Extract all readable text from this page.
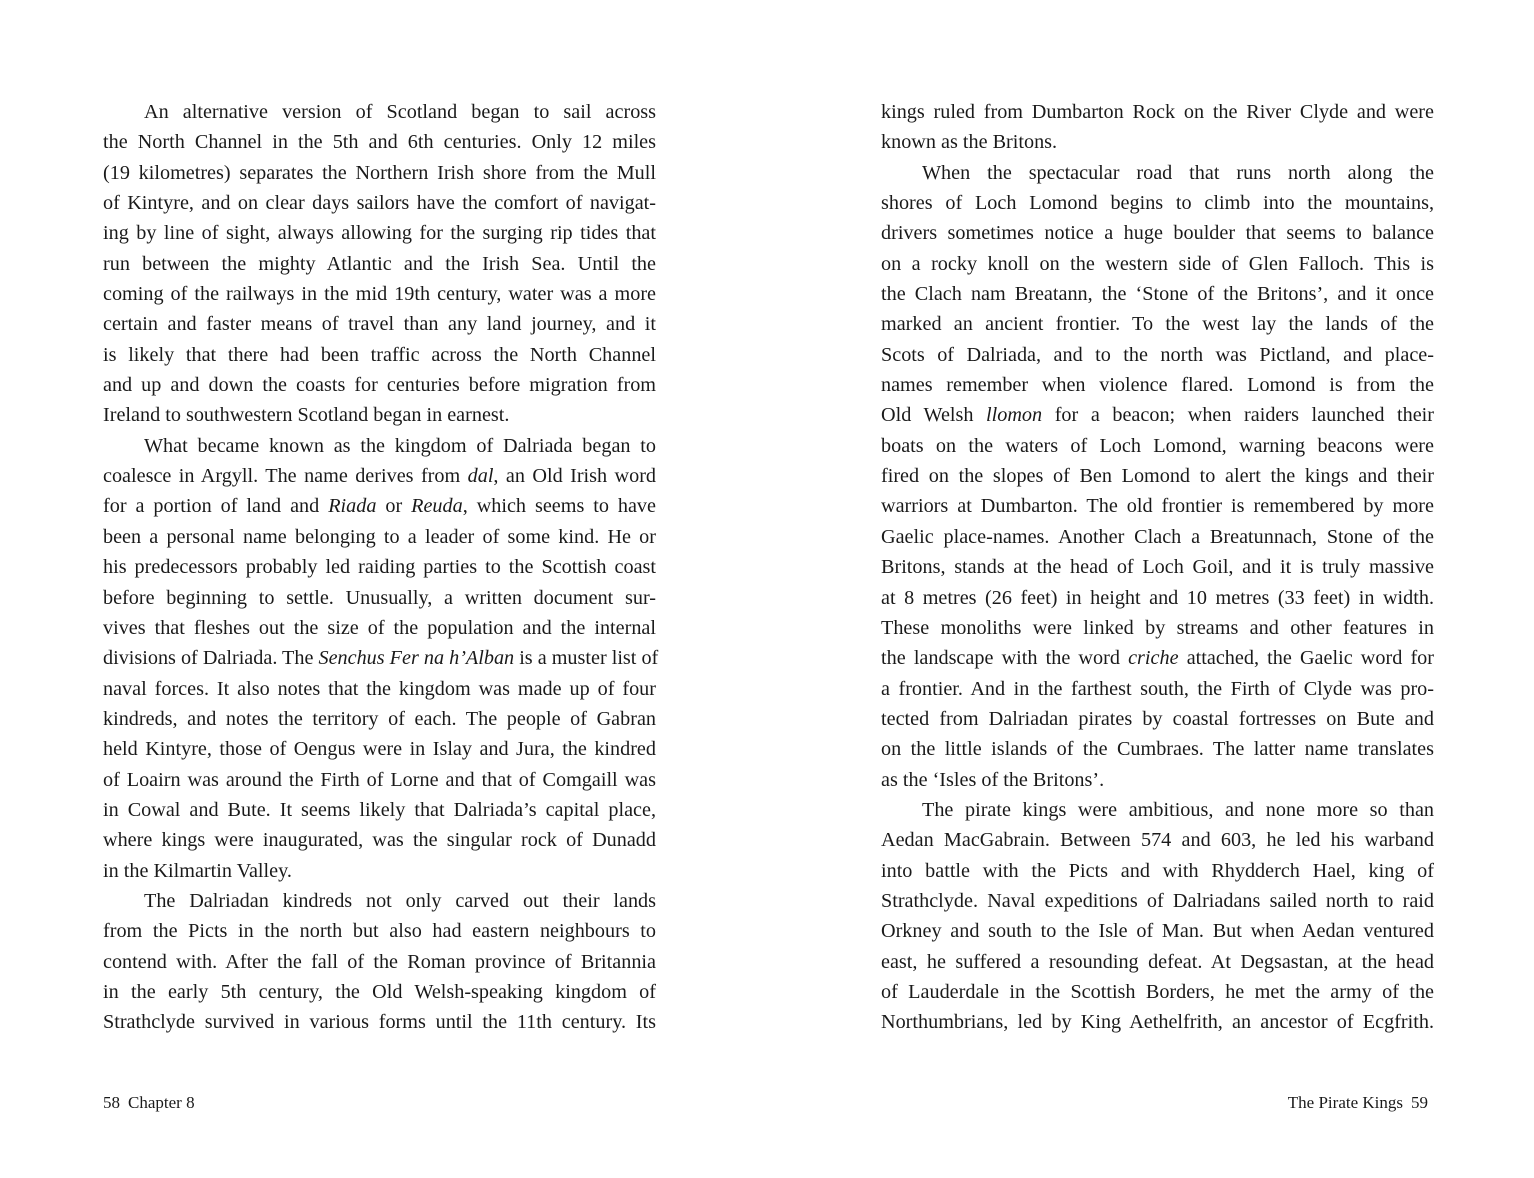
An alternative version of Scotland began to sail across
the North Channel in the 5th and 6th centuries. Only 12 miles
(19 kilometres) separates the Northern Irish shore from the Mull
of Kintyre, and on clear days sailors have the comfort of navigat-
ing by line of sight, always allowing for the surging rip tides that
run between the mighty Atlantic and the Irish Sea. Until the
coming of the railways in the mid 19th century, water was a more
certain and faster means of travel than any land journey, and it
is likely that there had been traffic across the North Channel
and up and down the coasts for centuries before migration from
Ireland to southwestern Scotland began in earnest.
What became known as the kingdom of Dalriada began to
coalesce in Argyll. The name derives from dal, an Old Irish word
for a portion of land and Riada or Reuda, which seems to have
been a personal name belonging to a leader of some kind. He or
his predecessors probably led raiding parties to the Scottish coast
before beginning to settle. Unusually, a written document sur-
vives that fleshes out the size of the population and the internal
divisions of Dalriada. The Senchus Fer na h’Alban is a muster list of
naval forces. It also notes that the kingdom was made up of four
kindreds, and notes the territory of each. The people of Gabran
held Kintyre, those of Oengus were in Islay and Jura, the kindred
of Loairn was around the Firth of Lorne and that of Comgaill was
in Cowal and Bute. It seems likely that Dalriada’s capital place,
where kings were inaugurated, was the singular rock of Dunadd
in the Kilmartin Valley.
The Dalriadan kindreds not only carved out their lands
from the Picts in the north but also had eastern neighbours to
contend with. After the fall of the Roman province of Britannia
in the early 5th century, the Old Welsh-speaking kingdom of
Strathclyde survived in various forms until the 11th century. Its
kings ruled from Dumbarton Rock on the River Clyde and were
known as the Britons.
When the spectacular road that runs north along the
shores of Loch Lomond begins to climb into the mountains,
drivers sometimes notice a huge boulder that seems to balance
on a rocky knoll on the western side of Glen Falloch. This is
the Clach nam Breatann, the ‘Stone of the Britons’, and it once
marked an ancient frontier. To the west lay the lands of the
Scots of Dalriada, and to the north was Pictland, and place-
names remember when violence flared. Lomond is from the
Old Welsh llomon for a beacon; when raiders launched their
boats on the waters of Loch Lomond, warning beacons were
fired on the slopes of Ben Lomond to alert the kings and their
warriors at Dumbarton. The old frontier is remembered by more
Gaelic place-names. Another Clach a Breatunnach, Stone of the
Britons, stands at the head of Loch Goil, and it is truly massive
at 8 metres (26 feet) in height and 10 metres (33 feet) in width.
These monoliths were linked by streams and other features in
the landscape with the word criche attached, the Gaelic word for
a frontier. And in the farthest south, the Firth of Clyde was pro-
tected from Dalriadan pirates by coastal fortresses on Bute and
on the little islands of the Cumbraes. The latter name translates
as the ‘Isles of the Britons’.
The pirate kings were ambitious, and none more so than
Aedan MacGabrain. Between 574 and 603, he led his warband
into battle with the Picts and with Rhydderch Hael, king of
Strathclyde. Naval expeditions of Dalriadans sailed north to raid
Orkney and south to the Isle of Man. But when Aedan ventured
east, he suffered a resounding defeat. At Degsastan, at the head
of Lauderdale in the Scottish Borders, he met the army of the
Northumbrians, led by King Aethelfrith, an ancestor of Ecgfrith.
58 Chapter 8	The Pirate Kings 59
